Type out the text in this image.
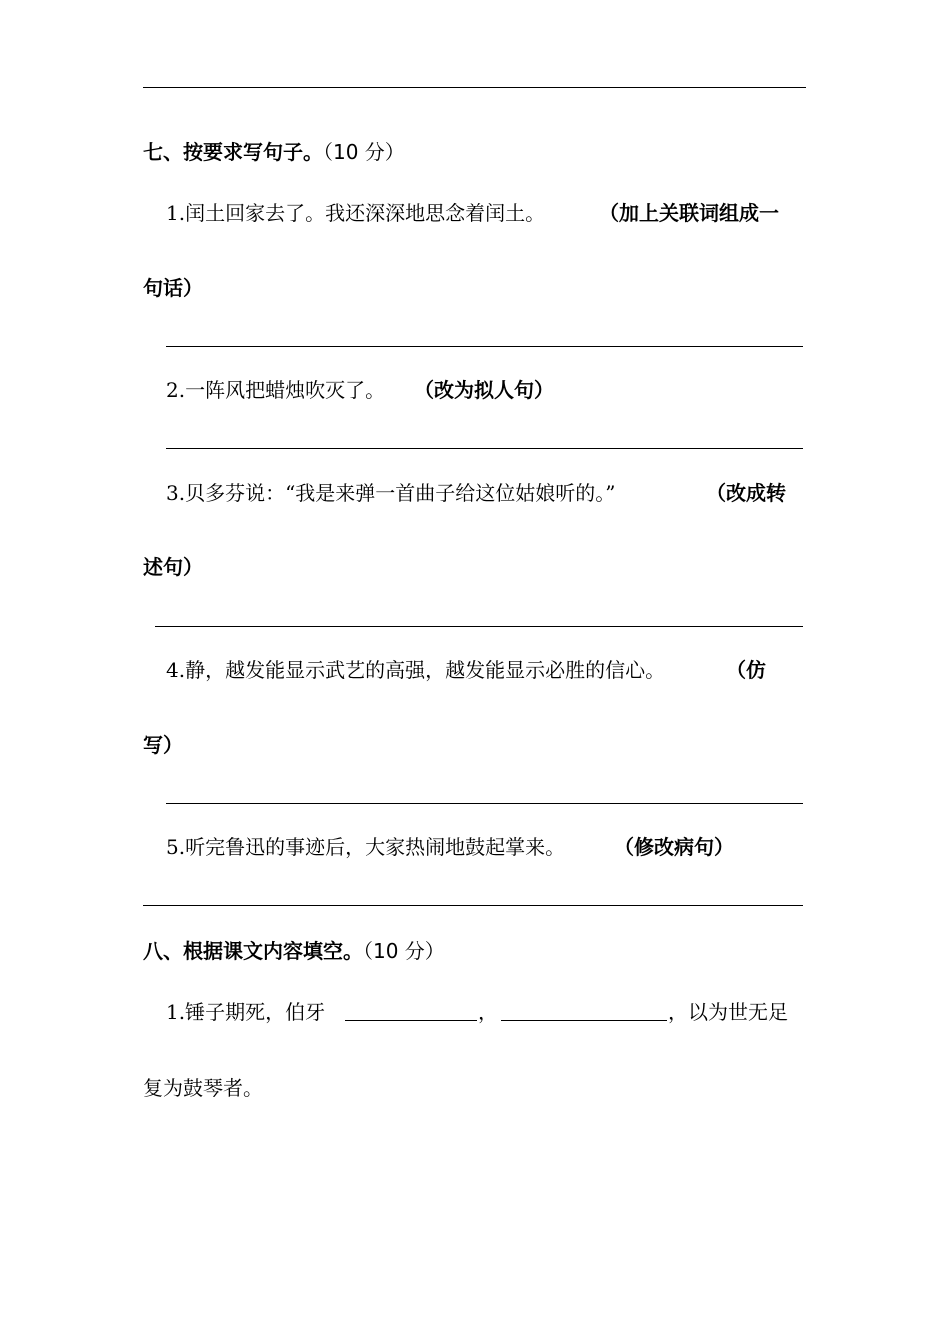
七、按要求写句子。（10 分）
1.闰土回家去了。我还深深地思念着闰土。	（加上关联词组成一
句话）
2.一阵风把蜡烛吹灭了。 （改为拟人句）
3.贝多芬说：“我是来弹一首曲子给这位姑娘听的。”	（改成转
述句）
4.静，越发能显示武艺的高强，越发能显示必胜的信心。	（仿
写）
5.听完鲁迅的事迹后，大家热闹地鼓起掌来。 （修改病句）
八、根据课文内容填空。（10 分）
1.锤子期死，伯牙	，	，以为世无足
复为鼓琴者。
